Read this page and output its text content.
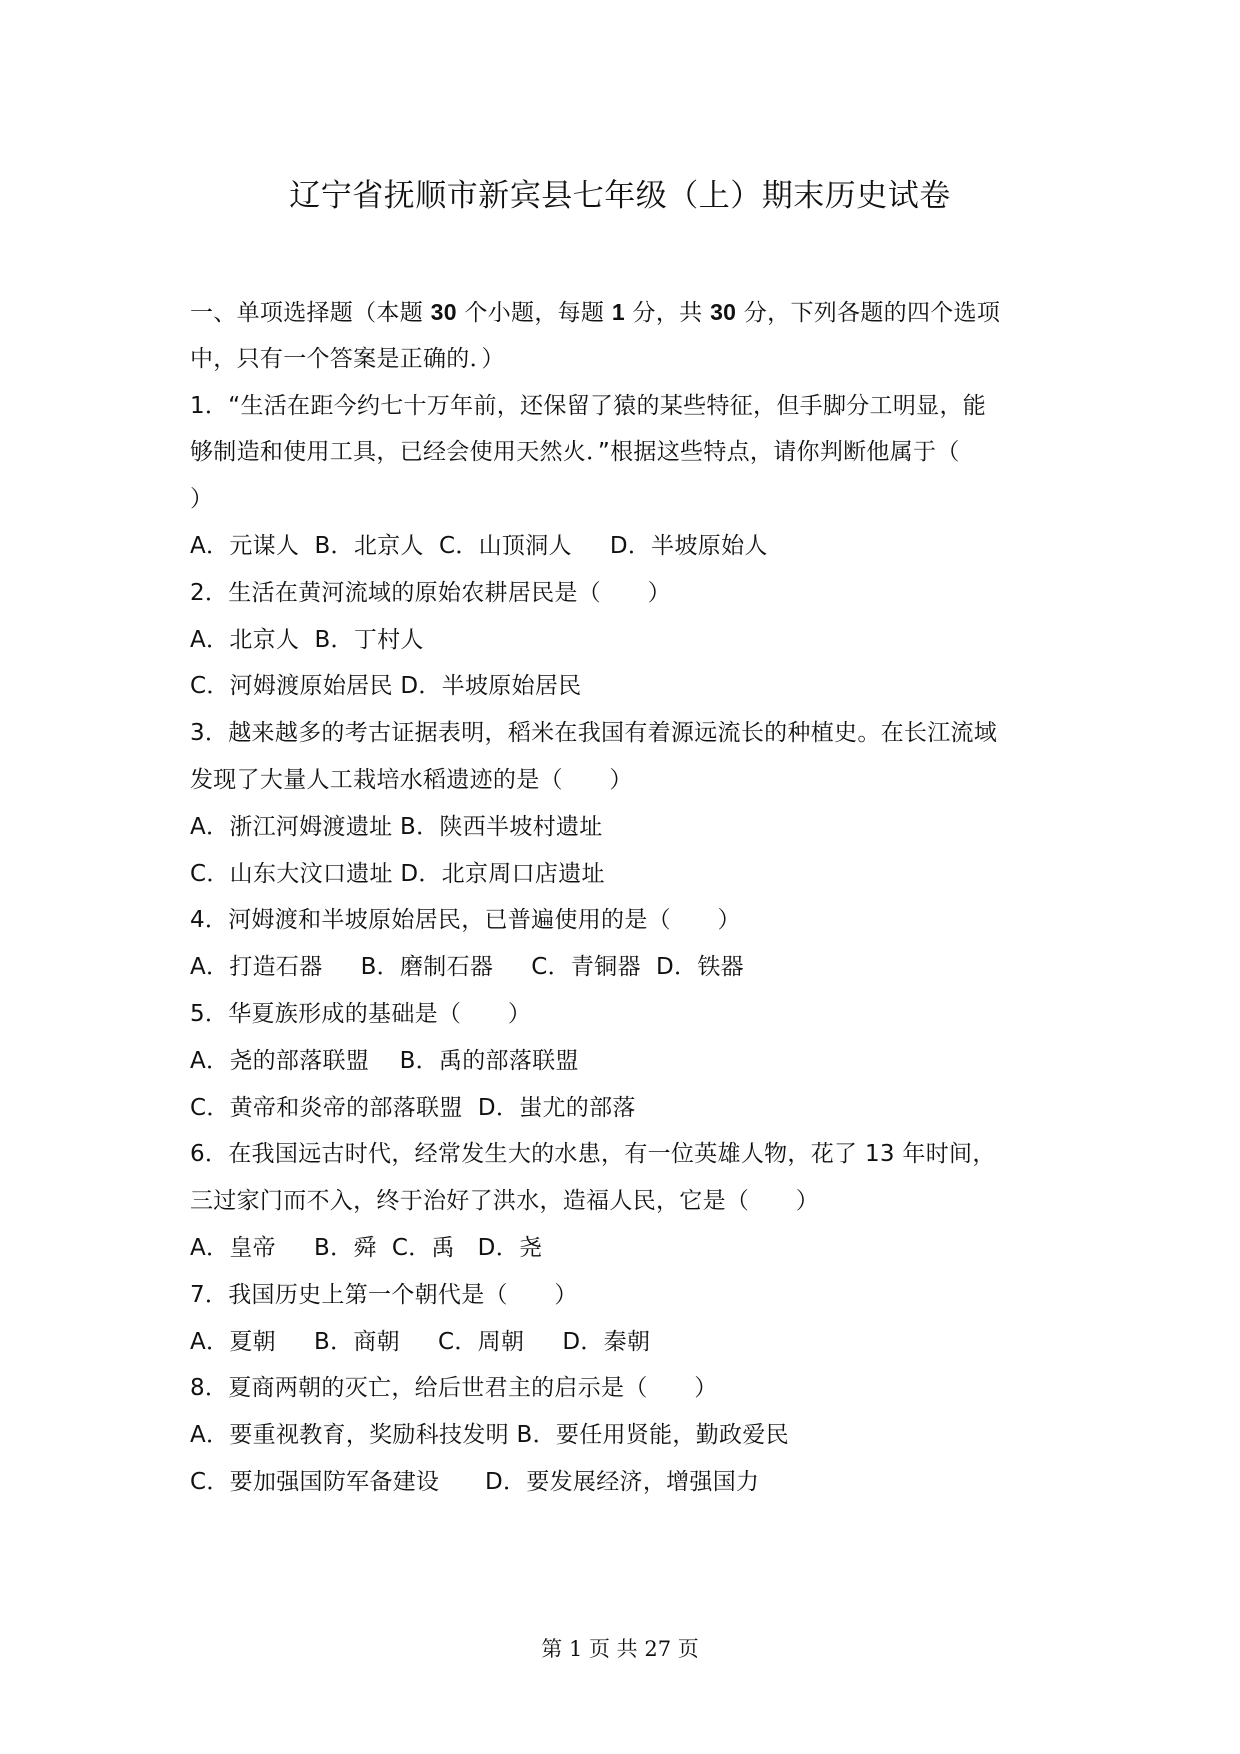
辽宁省抚顺市新宾县七年级（上）期末历史试卷
一、单项选择题（本题 30 个小题，每题 1 分，共 30 分，下列各题的四个选项
中，只有一个答案是正确的．）
1．“生活在距今约七十万年前，还保留了猿的某些特征，但手脚分工明显，能
够制造和使用工具，已经会使用天然火．”根据这些特点，请你判断他属于（
）
A．元谋人  B．北京人  C．山顶洞人     D．半坡原始人
2．生活在黄河流域的原始农耕居民是（　　）
A．北京人  B．丁村人
C．河姆渡原始居民 D．半坡原始居民
3．越来越多的考古证据表明，稻米在我国有着源远流长的种植史。在长江流域
发现了大量人工栽培水稻遗迹的是（　　）
A．浙江河姆渡遗址 B．陕西半坡村遗址
C．山东大汶口遗址 D．北京周口店遗址
4．河姆渡和半坡原始居民，已普遍使用的是（　　）
A．打造石器     B．磨制石器     C．青铜器  D．铁器
5．华夏族形成的基础是（　　）
A．尧的部落联盟    B．禹的部落联盟
C．黄帝和炎帝的部落联盟  D．蚩尤的部落
6．在我国远古时代，经常发生大的水患，有一位英雄人物，花了 13 年时间，
三过家门而不入，终于治好了洪水，造福人民，它是（　　）
A．皇帝     B．舜  C．禹   D．尧
7．我国历史上第一个朝代是（　　）
A．夏朝     B．商朝     C．周朝     D．秦朝
8．夏商两朝的灭亡，给后世君主的启示是（　　）
A．要重视教育，奖励科技发明 B．要任用贤能，勤政爱民
C．要加强国防军备建设      D．要发展经济，增强国力
第 1 页 共 27 页
